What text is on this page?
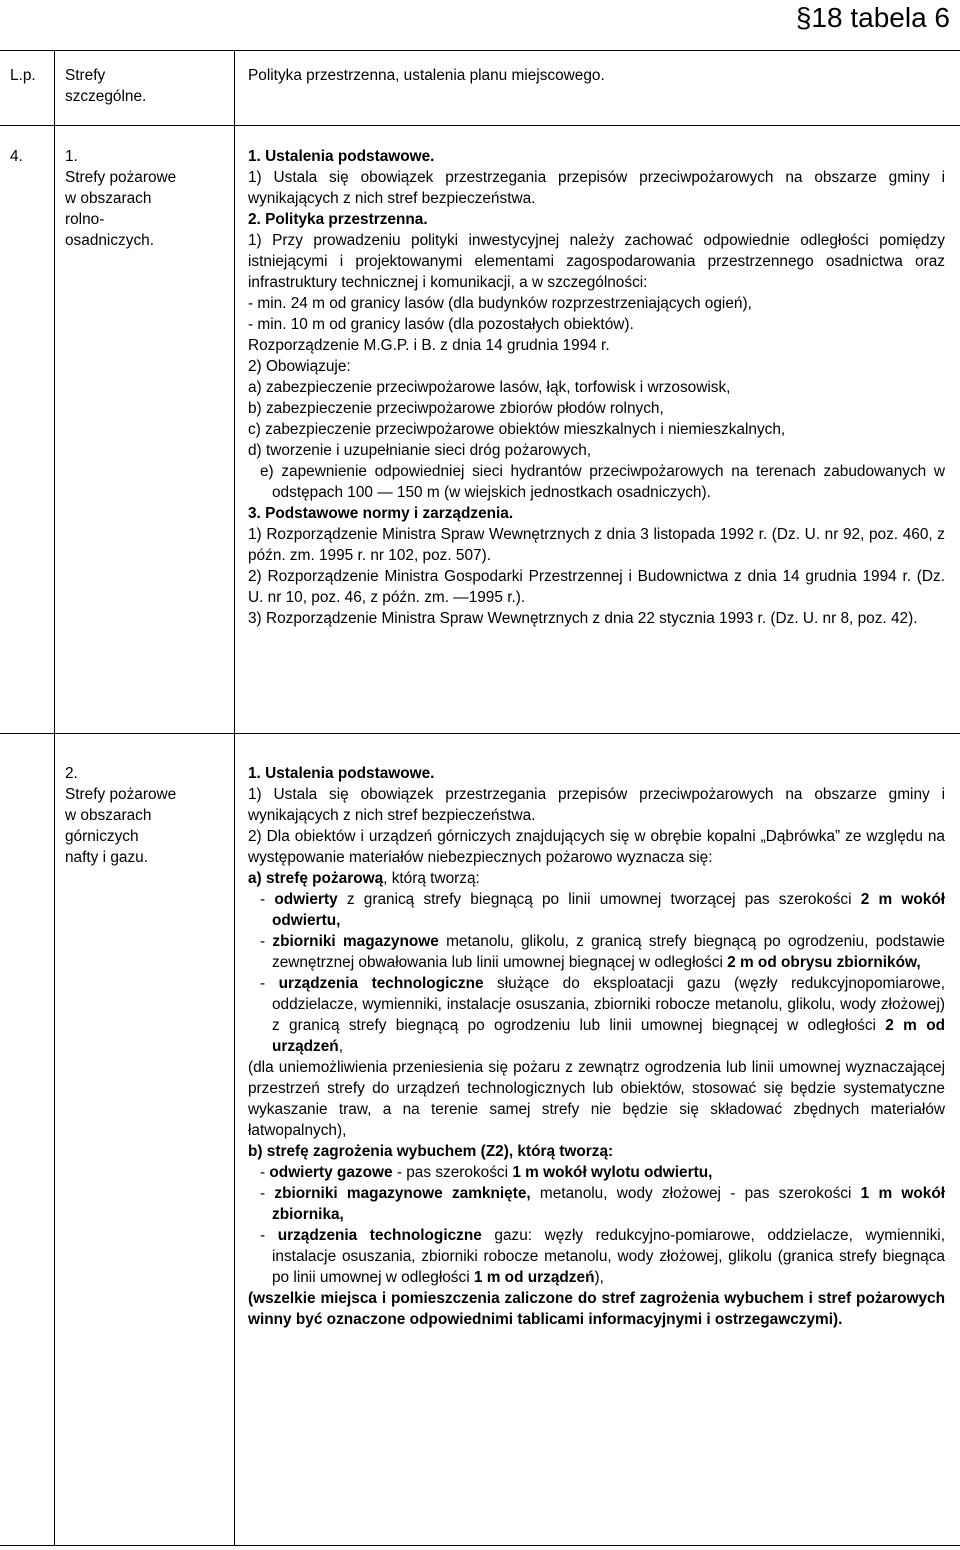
§18 tabela 6
L.p. Strefy
szczególne.
Polityka przestrzenna, ustalenia planu miejscowego.
4.	1.
Strefy pożarowe
w obszarach
rolno-
osadniczych.

1. Ustalenia podstawowe.

1) Ustala się obowiązek przestrzegania przepisów przeciwpożarowych na obszarze gminy i wynikających z nich stref bezpieczeństwa.

2. Polityka przestrzenna.

1) Przy prowadzeniu polityki inwestycyjnej należy zachować odpowiednie odległości pomiędzy istniejącymi i projektowanymi elementami zagospodarowania przestrzennego osadnictwa oraz infrastruktury technicznej i komunikacji, a w szczególności:

- min. 24 m od granicy lasów (dla budynków rozprzestrzeniających ogień),

- min. 10 m od granicy lasów (dla pozostałych obiektów).

Rozporządzenie M.G.P. i B. z dnia 14 grudnia 1994 r.

2) Obowiązuje:

a) zabezpieczenie przeciwpożarowe lasów, łąk, torfowisk i wrzosowisk,

b) zabezpieczenie przeciwpożarowe zbiorów płodów rolnych,

c) zabezpieczenie przeciwpożarowe obiektów mieszkalnych i niemieszkalnych,

d) tworzenie i uzupełnianie sieci dróg pożarowych,

e) zapewnienie odpowiedniej sieci hydrantów przeciwpożarowych na terenach zabudowanych w odstępach 100 — 150 m (w wiejskich jednostkach osadniczych).

3. Podstawowe normy i zarządzenia.

1) Rozporządzenie Ministra Spraw Wewnętrznych z dnia 3 listopada 1992 r. (Dz. U. nr 92, poz. 460, z późn. zm. 1995 r. nr 102, poz. 507).

2) Rozporządzenie Ministra Gospodarki Przestrzennej i Budownictwa z dnia 14 grudnia 1994 r. (Dz. U. nr 10, poz. 46, z późn. zm. —1995 r.).

3) Rozporządzenie Ministra Spraw Wewnętrznych z dnia 22 stycznia 1993 r. (Dz. U. nr 8, poz. 42).

2.
Strefy pożarowe
w obszarach
górniczych
nafty i gazu.

1. Ustalenia podstawowe.

1) Ustala się obowiązek przestrzegania przepisów przeciwpożarowych na obszarze gminy i wynikających z nich stref bezpieczeństwa.

2) Dla obiektów i urządzeń górniczych znajdujących się w obrębie kopalni „Dąbrówka” ze względu na występowanie materiałów niebezpiecznych pożarowo wyznacza się:

a) strefę pożarową, którą tworzą:

- odwierty z granicą strefy biegnącą po linii umownej tworzącej pas szerokości 2 m wokół odwiertu,

- zbiorniki magazynowe metanolu, glikolu, z granicą strefy biegnącą po ogrodzeniu, podstawie zewnętrznej obwałowania lub linii umownej biegnącej w odległości 2 m od obrysu zbiorników,

- urządzenia technologiczne służące do eksploatacji gazu (węzły redukcyjnopomiarowe, oddzielacze, wymienniki, instalacje osuszania, zbiorniki robocze metanolu, glikolu, wody złożowej) z granicą strefy biegnącą po ogrodzeniu lub linii umownej biegnącej w odległości 2 m od urządzeń,

(dla uniemożliwienia przeniesienia się pożaru z zewnątrz ogrodzenia lub linii umownej wyznaczającej przestrzeń strefy do urządzeń technologicznych lub obiektów, stosować się będzie systematyczne wykaszanie traw, a na terenie samej strefy nie będzie się składować zbędnych materiałów łatwopalnych),

b) strefę zagrożenia wybuchem (Z2), którą tworzą:

- odwierty gazowe - pas szerokości 1 m wokół wylotu odwiertu,

- zbiorniki magazynowe zamknięte, metanolu, wody złożowej - pas szerokości 1 m wokół zbiornika,

- urządzenia technologiczne gazu: węzły redukcyjno-pomiarowe, oddzielacze, wymienniki, instalacje osuszania, zbiorniki robocze metanolu, wody złożowej, glikolu (granica strefy biegnąca po linii umownej w odległości 1 m od urządzeń),

(wszelkie miejsca i pomieszczenia zaliczone do stref zagrożenia wybuchem i stref pożarowych winny być oznaczone odpowiednimi tablicami informacyjnymi i ostrzegawczymi).
